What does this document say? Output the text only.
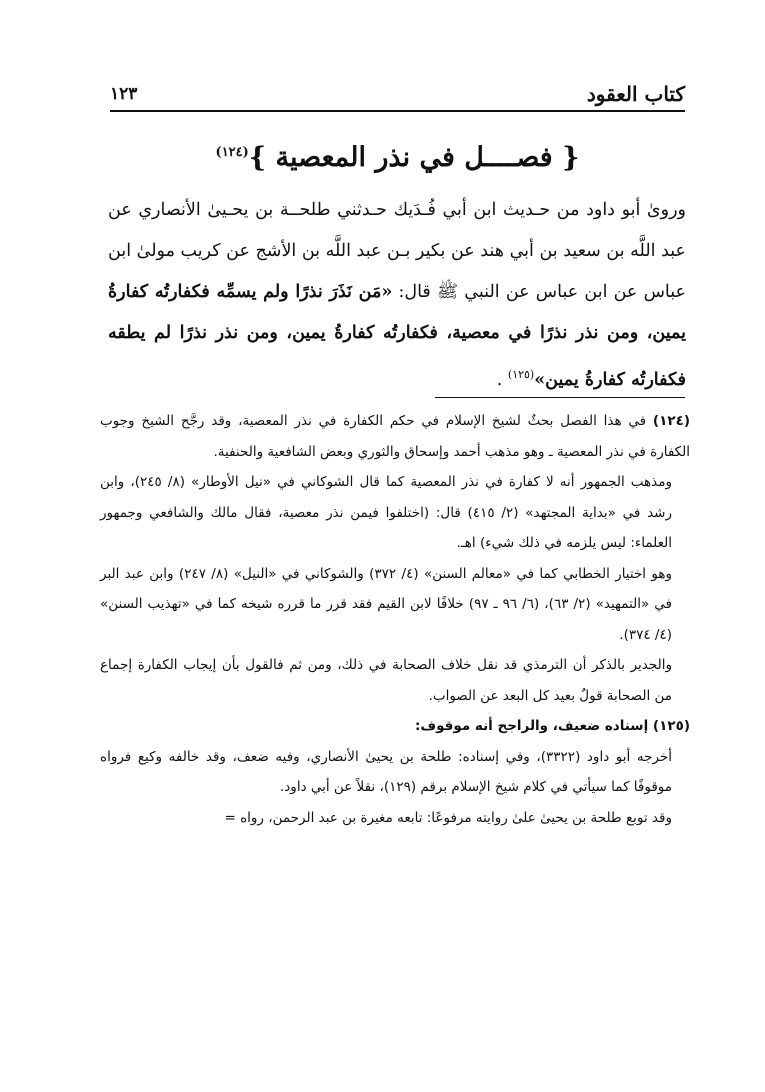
كتاب العقود
١٢٣
{ فصــــل في نذر المعصية }$^{(١٢٤)}$
وروىٰ أبو داود من حـديث ابن أبي فُـدَيك حـدثني طلحــة بن يحـيىٰ الأنصاري عن عبد اللَّه بن سعيد بن أبي هند عن بكير بـن عبد اللَّه بن الأشج عن كريب مولىٰ ابن عباس عن ابن عباس عن النبي ﷺ قال: «مَن نَذَرَ نذرًا ولم يسمِّه فكفارتُه كفارةُ يمين، ومن نذر نذرًا في معصية، فكفارتُه كفارةُ يمين، ومن نذر نذرًا لم يطقه فكفارتُه كفارةُ يمين»$^{(١٢٥)}$ .

(١٢٤) في هذا الفصل بحثٌ لشيخ الإسلام في حكم الكفارة في نذر المعصية، وقد رجَّح الشيخ وجوب الكفارة في نذر المعصية ـ وهو مذهب أحمد وإسحاق والثوري وبعض الشافعية والحنفية.

ومذهب الجمهور أنه لا كفارة في نذر المعصية كما قال الشوكاني في «نيل الأوطار» (٨/ ٢٤٥)، وابن رشد في «بداية المجتهد» (٢/ ٤١٥) قال: (اختلفوا فيمن نذر معصية، فقال مالك والشافعي وجمهور العلماء: ليس يلزمه في ذلك شيء) اهـ.

وهو اختيار الخطابي كما في «معالم السنن» (٤/ ٣٧٢) والشوكاني في «النيل» (٨/ ٢٤٧) وابن عبد البر في «التمهيد» (٢/ ٦٣)، (٦/ ٩٦ ـ ٩٧) خلافًا لابن القيم فقد قرر ما قرره شيخه كما في «تهذيب السنن» (٤/ ٣٧٤).

والجدير بالذكر أن الترمذي قد نقل خلاف الصحابة في ذلك، ومن ثم فالقول بأن إيجاب الكفارة إجماع من الصحابة قولٌ بعيد كل البعد عن الصواب.

(١٢٥) إسناده ضعيف، والراجح أنه موقوف:

أخرجه أبو داود (٣٣٢٢)، وفي إسناده: طلحة بن يحيىٰ الأنصاري، وفيه ضعف، وقد خالفه وكيع فرواه موقوفًا كما سيأتي في كلام شيخ الإسلام برقم (١٢٩)، نقلاً عن أبي داود.

وقد توبع طلحة بن يحيىٰ علىٰ روايته مرفوعًا: تابعه مغيرة بن عبد الرحمن، رواه =
